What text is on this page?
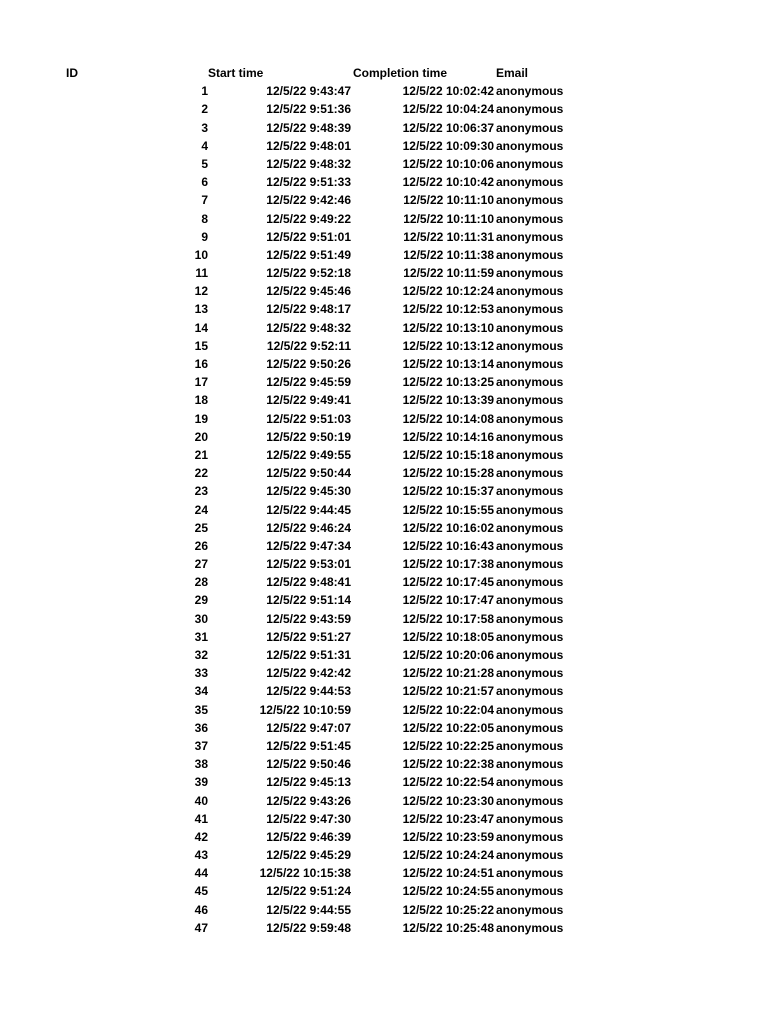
ID	Start time	Completion time	Email
1	12/5/22 9:43:47	12/5/22 10:02:42 anonymous
2	12/5/22 9:51:36	12/5/22 10:04:24 anonymous
3	12/5/22 9:48:39	12/5/22 10:06:37 anonymous
4	12/5/22 9:48:01	12/5/22 10:09:30 anonymous
5	12/5/22 9:48:32	12/5/22 10:10:06 anonymous
6	12/5/22 9:51:33	12/5/22 10:10:42 anonymous
7	12/5/22 9:42:46	12/5/22 10:11:10 anonymous
8	12/5/22 9:49:22	12/5/22 10:11:10 anonymous
9	12/5/22 9:51:01	12/5/22 10:11:31 anonymous
10	12/5/22 9:51:49	12/5/22 10:11:38 anonymous
11	12/5/22 9:52:18	12/5/22 10:11:59 anonymous
12	12/5/22 9:45:46	12/5/22 10:12:24 anonymous
13	12/5/22 9:48:17	12/5/22 10:12:53 anonymous
14	12/5/22 9:48:32	12/5/22 10:13:10 anonymous
15	12/5/22 9:52:11	12/5/22 10:13:12 anonymous
16	12/5/22 9:50:26	12/5/22 10:13:14 anonymous
17	12/5/22 9:45:59	12/5/22 10:13:25 anonymous
18	12/5/22 9:49:41	12/5/22 10:13:39 anonymous
19	12/5/22 9:51:03	12/5/22 10:14:08 anonymous
20	12/5/22 9:50:19	12/5/22 10:14:16 anonymous
21	12/5/22 9:49:55	12/5/22 10:15:18 anonymous
22	12/5/22 9:50:44	12/5/22 10:15:28 anonymous
23	12/5/22 9:45:30	12/5/22 10:15:37 anonymous
24	12/5/22 9:44:45	12/5/22 10:15:55 anonymous
25	12/5/22 9:46:24	12/5/22 10:16:02 anonymous
26	12/5/22 9:47:34	12/5/22 10:16:43 anonymous
27	12/5/22 9:53:01	12/5/22 10:17:38 anonymous
28	12/5/22 9:48:41	12/5/22 10:17:45 anonymous
29	12/5/22 9:51:14	12/5/22 10:17:47 anonymous
30	12/5/22 9:43:59	12/5/22 10:17:58 anonymous
31	12/5/22 9:51:27	12/5/22 10:18:05 anonymous
32	12/5/22 9:51:31	12/5/22 10:20:06 anonymous
33	12/5/22 9:42:42	12/5/22 10:21:28 anonymous
34	12/5/22 9:44:53	12/5/22 10:21:57 anonymous
35	12/5/22 10:10:59	12/5/22 10:22:04 anonymous
36	12/5/22 9:47:07	12/5/22 10:22:05 anonymous
37	12/5/22 9:51:45	12/5/22 10:22:25 anonymous
38	12/5/22 9:50:46	12/5/22 10:22:38 anonymous
39	12/5/22 9:45:13	12/5/22 10:22:54 anonymous
40	12/5/22 9:43:26	12/5/22 10:23:30 anonymous
41	12/5/22 9:47:30	12/5/22 10:23:47 anonymous
42	12/5/22 9:46:39	12/5/22 10:23:59 anonymous
43	12/5/22 9:45:29	12/5/22 10:24:24 anonymous
44	12/5/22 10:15:38	12/5/22 10:24:51 anonymous
45	12/5/22 9:51:24	12/5/22 10:24:55 anonymous
46	12/5/22 9:44:55	12/5/22 10:25:22 anonymous
47	12/5/22 9:59:48	12/5/22 10:25:48 anonymous
